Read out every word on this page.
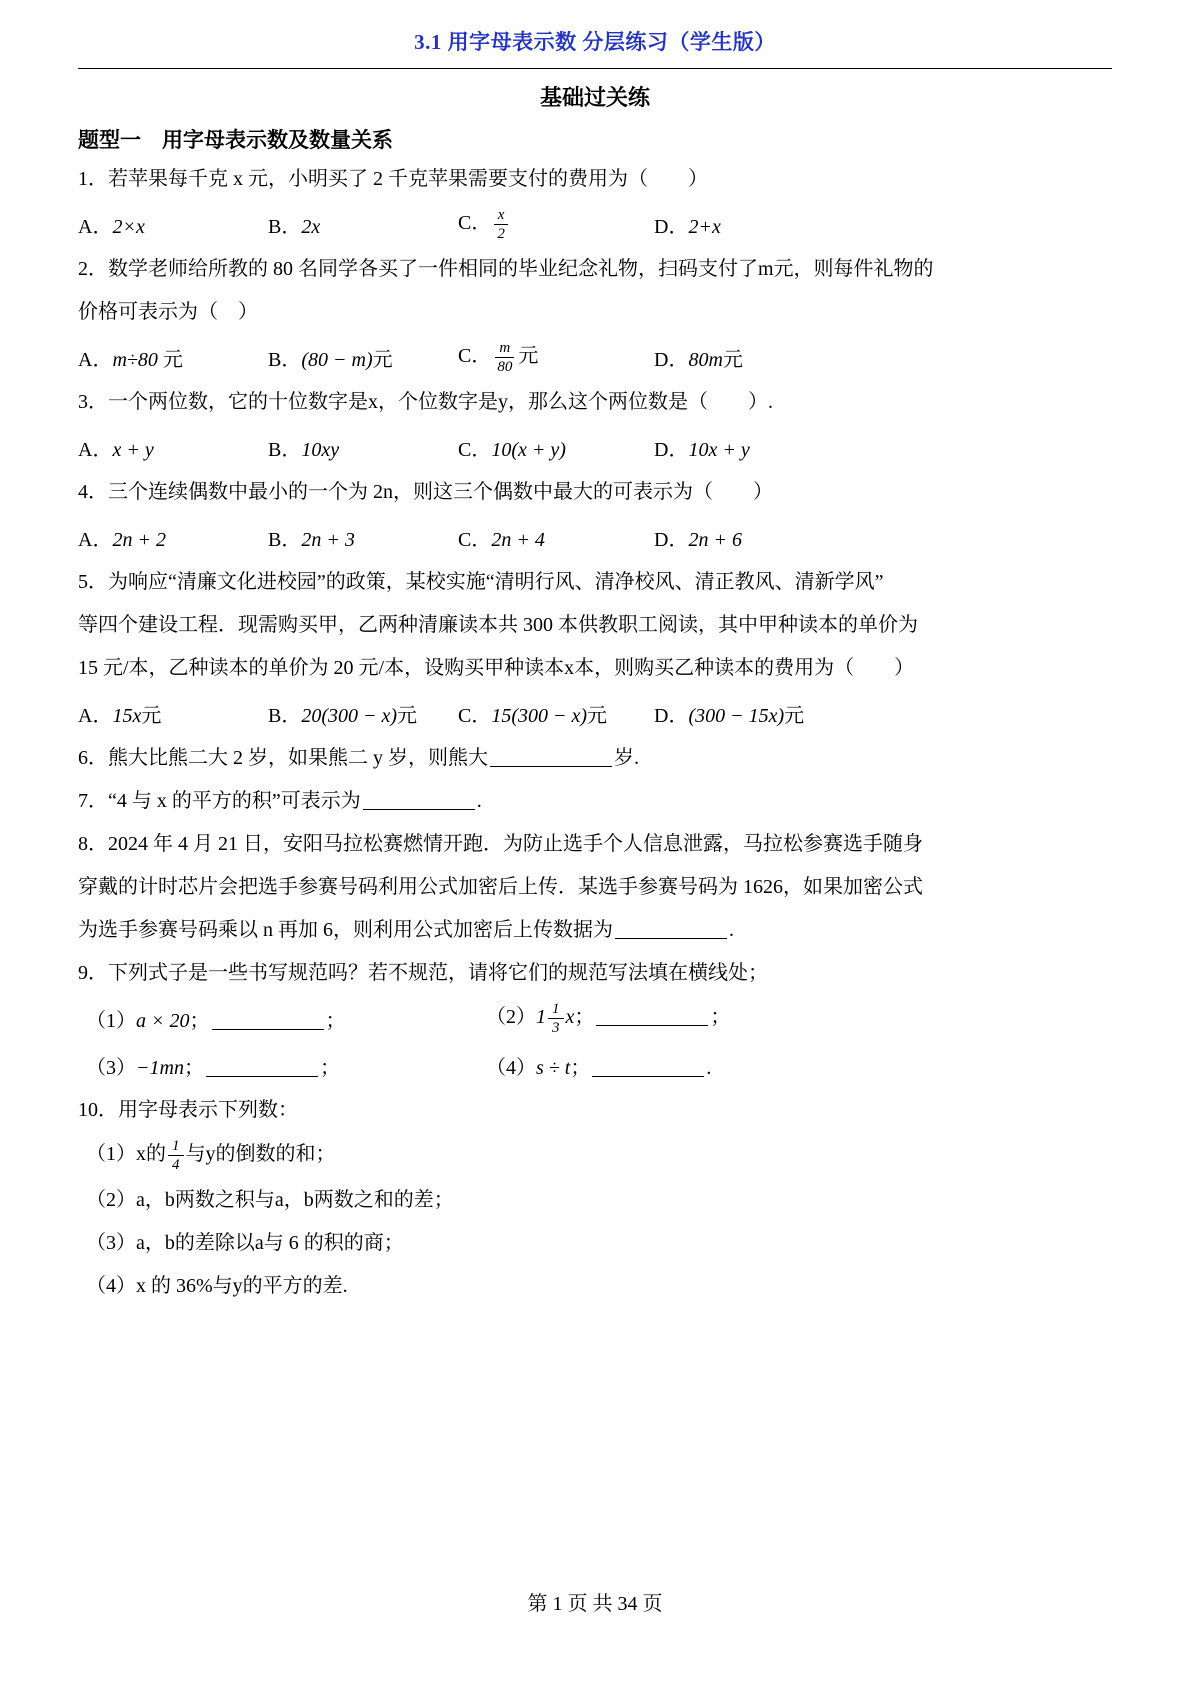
3.1 用字母表示数 分层练习（学生版）
基础过关练
题型一　用字母表示数及数量关系

1．若苹果每千克 x 元，小明买了 2 千克苹果需要支付的费用为（　　）

A．2×x	B．2x	C． $\frac{x}{2}$	D．2+x

2．数学老师给所教的 80 名同学各买了一件相同的毕业纪念礼物，扫码支付了m元，则每件礼物的

价格可表示为（　）

A．m÷80 元	B．(80 − m)元	C． $\frac{m}{80}$ 元	D．80m元

3．一个两位数，它的十位数字是x，个位数字是y，那么这个两位数是（　　）.

A．x + y	B．10xy	C．10(x + y)	D．10x + y

4．三个连续偶数中最小的一个为 2n，则这三个偶数中最大的可表示为（　　）

A．2n + 2	B．2n + 3	C．2n + 4	D．2n + 6

5．为响应“清廉文化进校园”的政策，某校实施“清明行风、清净校风、清正教风、清新学风”

等四个建设工程．现需购买甲，乙两种清廉读本共 300 本供教职工阅读，其中甲种读本的单价为

15 元/本，乙种读本的单价为 20 元/本，设购买甲种读本x本，则购买乙种读本的费用为（　　）

A．15x元	B．20(300 − x)元	C．15(300 − x)元	D．(300 − 15x)元

6．熊大比熊二大 2 岁，如果熊二 y 岁，则熊大	岁.

7．“4 与 x 的平方的积”可表示为	.

8．2024 年 4 月 21 日，安阳马拉松赛燃情开跑．为防止选手个人信息泄露，马拉松参赛选手随身

穿戴的计时芯片会把选手参赛号码利用公式加密后上传．某选手参赛号码为 1626，如果加密公式

为选手参赛号码乘以 n 再加 6，则利用公式加密后上传数据为	.

9．下列式子是一些书写规范吗？若不规范，请将它们的规范写法填在横线处；

（1）a × 20；	；	$(2)1 \frac{1}{3}$ x；	；
（3）−1mn；	；	（4）s ÷ t；	.

10．用字母表示下列数：

（1）x的 $\frac{1}{4}$ 与y的倒数的和；

（2）a，b两数之积与a，b两数之和的差；

（3）a，b的差除以a与 6 的积的商；

（4）x 的 36%与y的平方的差.

第 1 页 共 34 页
